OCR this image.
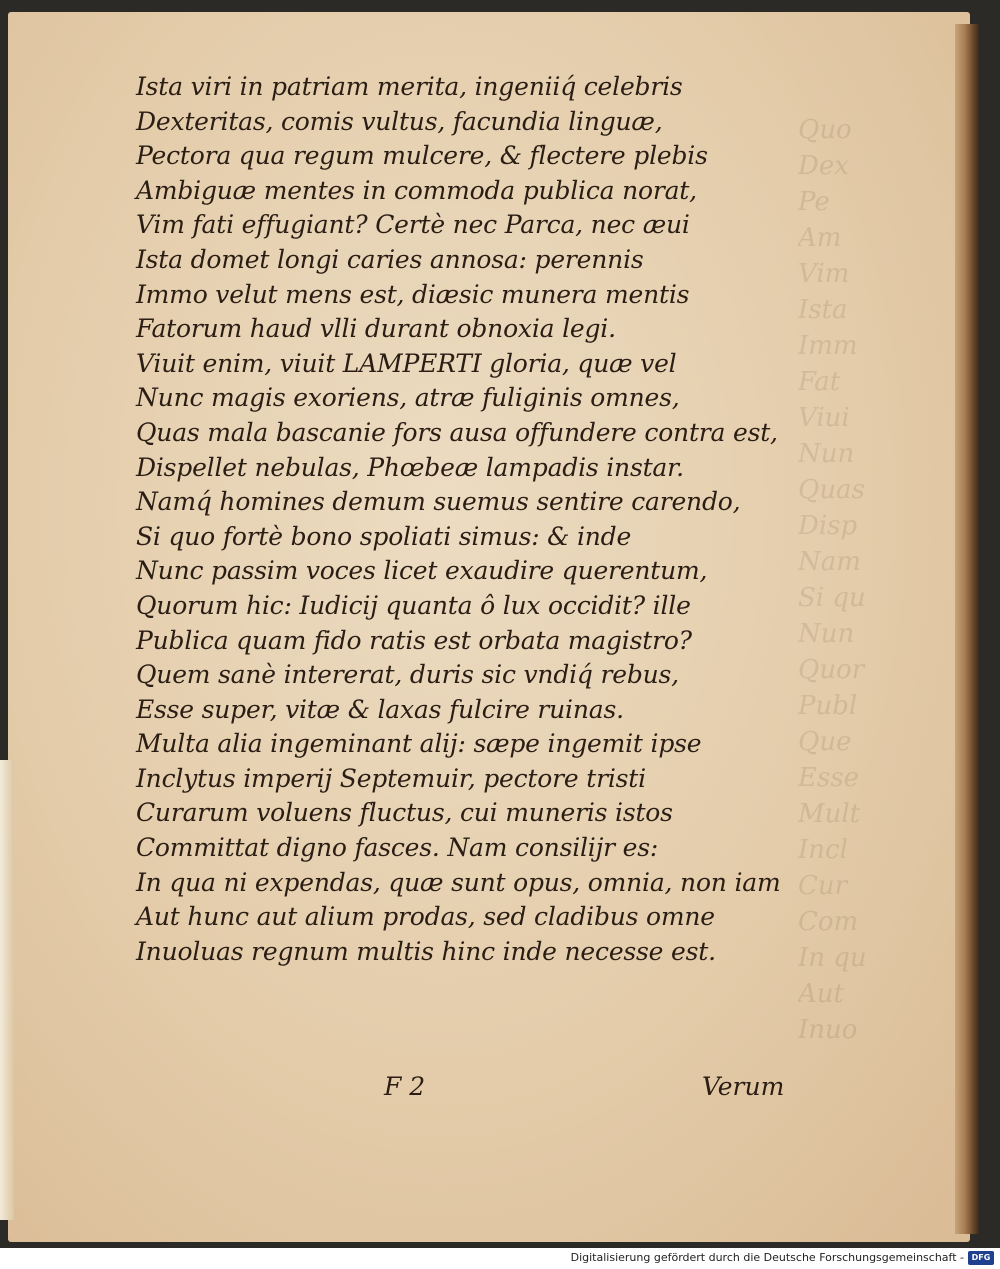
Quo
Dex
Pe
Am
Vim
Ista
Imm
Fat
Viui
Nun
Quas
Disp
Nam
Si qu
Nun
Quor
Publ
Que
Esse
Mult
Incl
Cur
Com
In qu
Aut
Inuo
Ista viri in patriam merita, ingeniiq́ celebris
Dexteritas, comis vultus, facundia linguæ,
Pectora qua regum mulcere, & flectere plebis
Ambiguæ mentes in commoda publica norat,
Vim fati effugiant? Certè nec Parca, nec æui
Ista domet longi caries annosa: perennis
Immo velut mens est, diæsic munera mentis
Fatorum haud vlli durant obnoxia legi.
Viuit enim, viuit LAMPERTI gloria, quæ vel
Nunc magis exoriens, atræ fuliginis omnes,
Quas mala bascanie fors ausa offundere contra est,
Dispellet nebulas, Phœbeæ lampadis instar.
Namq́ homines demum suemus sentire carendo,
Si quo fortè bono spoliati simus: & inde
Nunc passim voces licet exaudire querentum,
Quorum hic: Iudicij quanta ô lux occidit? ille
Publica quam fido ratis est orbata magistro?
Quem sanè intererat, duris sic vndiq́ rebus,
Esse super, vitæ & laxas fulcire ruinas.
Multa alia ingeminant alij: sæpe ingemit ipse
Inclytus imperij Septemuir, pectore tristi
Curarum voluens fluctus, cui muneris istos
Committat digno fasces. Nam consilijr es:
In qua ni expendas, quæ sunt opus, omnia, non iam
Aut hunc aut alium prodas, sed cladibus omne
Inuoluas regnum multis hinc inde necesse est.
F 2	Verum
Digitalisierung gefördert durch die Deutsche Forschungsgemeinschaft - DFG
